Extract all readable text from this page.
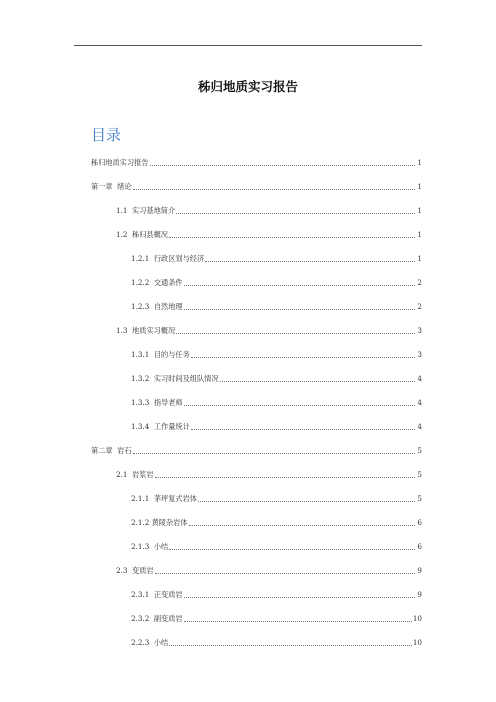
秭归地质实习报告
目录
秭归地质实习报告	1
第一章  绪论	1
1.1  实习基地简介	1
1.2  秭归县概况	1
1.2.1  行政区划与经济	1
1.2.2  交通条件	2
1.2.3  自然地理	2
1.3  地质实习概况	3
1.3.1  目的与任务	3
1.3.2  实习时间及组队情况	4
1.3.3  指导老师	4
1.3.4  工作量统计	4
第二章  岩石	5
2.1  岩浆岩	5
2.1.1  茅坪复式岩体	5
2.1.2 黄陵杂岩体	6
2.1.3  小结	6
2.3  变质岩	9
2.3.1  正变质岩	9
2.3.2  副变质岩	10
2.2.3  小结	10
